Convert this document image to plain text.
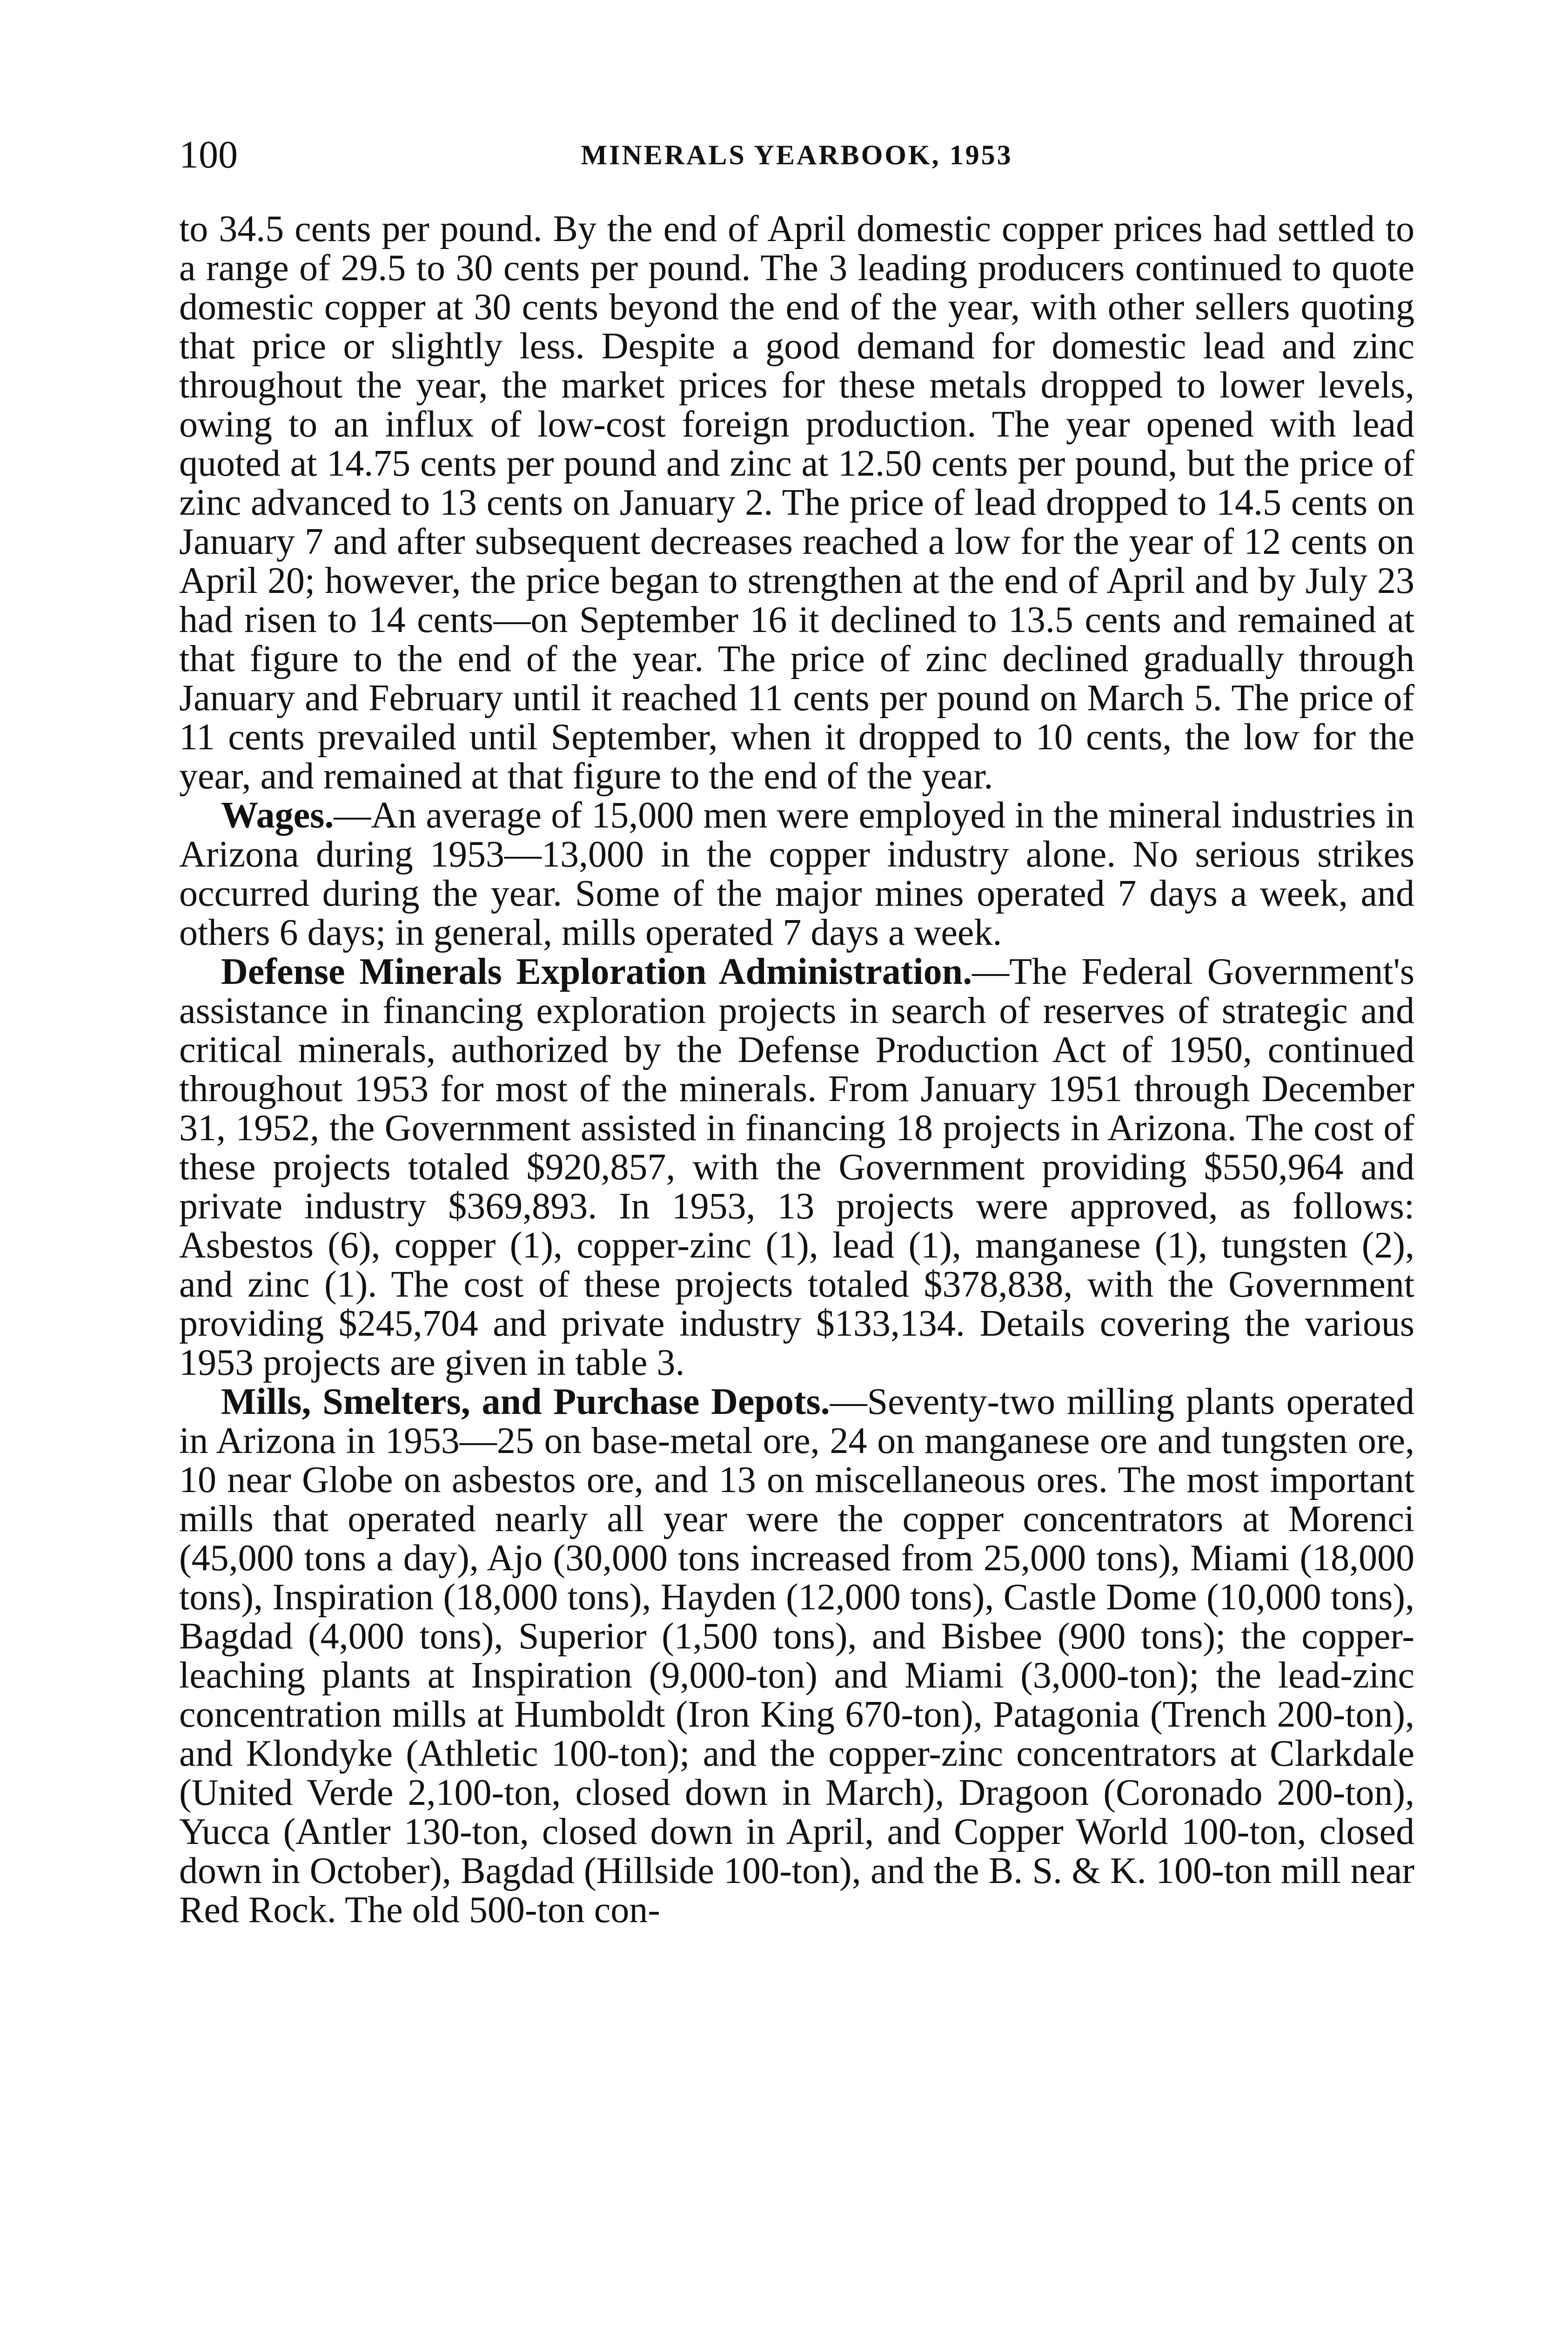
100	MINERALS YEARBOOK, 1953

to 34.5 cents per pound. By the end of April domestic copper prices had settled to a range of 29.5 to 30 cents per pound. The 3 leading producers continued to quote domestic copper at 30 cents beyond the end of the year, with other sellers quoting that price or slightly less. Despite a good demand for domestic lead and zinc throughout the year, the market prices for these metals dropped to lower levels, owing to an influx of low-cost foreign production. The year opened with lead quoted at 14.75 cents per pound and zinc at 12.50 cents per pound, but the price of zinc advanced to 13 cents on January 2. The price of lead dropped to 14.5 cents on January 7 and after subsequent decreases reached a low for the year of 12 cents on April 20; however, the price began to strengthen at the end of April and by July 23 had risen to 14 cents—on September 16 it declined to 13.5 cents and remained at that figure to the end of the year. The price of zinc declined gradually through January and February until it reached 11 cents per pound on March 5. The price of 11 cents prevailed until September, when it dropped to 10 cents, the low for the year, and remained at that figure to the end of the year.

Wages.—An average of 15,000 men were employed in the mineral industries in Arizona during 1953—13,000 in the copper industry alone. No serious strikes occurred during the year. Some of the major mines operated 7 days a week, and others 6 days; in general, mills operated 7 days a week.

Defense Minerals Exploration Administration.—The Federal Government's assistance in financing exploration projects in search of reserves of strategic and critical minerals, authorized by the Defense Production Act of 1950, continued throughout 1953 for most of the minerals. From January 1951 through December 31, 1952, the Government assisted in financing 18 projects in Arizona. The cost of these projects totaled $920,857, with the Government providing $550,964 and private industry $369,893. In 1953, 13 projects were approved, as follows: Asbestos (6), copper (1), copper-zinc (1), lead (1), manganese (1), tungsten (2), and zinc (1). The cost of these projects totaled $378,838, with the Government providing $245,704 and private industry $133,134. Details covering the various 1953 projects are given in table 3.

Mills, Smelters, and Purchase Depots.—Seventy-two milling plants operated in Arizona in 1953—25 on base-metal ore, 24 on manganese ore and tungsten ore, 10 near Globe on asbestos ore, and 13 on miscellaneous ores. The most important mills that operated nearly all year were the copper concentrators at Morenci (45,000 tons a day), Ajo (30,000 tons increased from 25,000 tons), Miami (18,000 tons), Inspiration (18,000 tons), Hayden (12,000 tons), Castle Dome (10,000 tons), Bagdad (4,000 tons), Superior (1,500 tons), and Bisbee (900 tons); the copper-leaching plants at Inspiration (9,000-ton) and Miami (3,000-ton); the lead-zinc concentration mills at Humboldt (Iron King 670-ton), Patagonia (Trench 200-ton), and Klondyke (Athletic 100-ton); and the copper-zinc concentrators at Clarkdale (United Verde 2,100-ton, closed down in March), Dragoon (Coronado 200-ton), Yucca (Antler 130-ton, closed down in April, and Copper World 100-ton, closed down in October), Bagdad (Hillside 100-ton), and the B. S. & K. 100-ton mill near Red Rock. The old 500-ton con-
